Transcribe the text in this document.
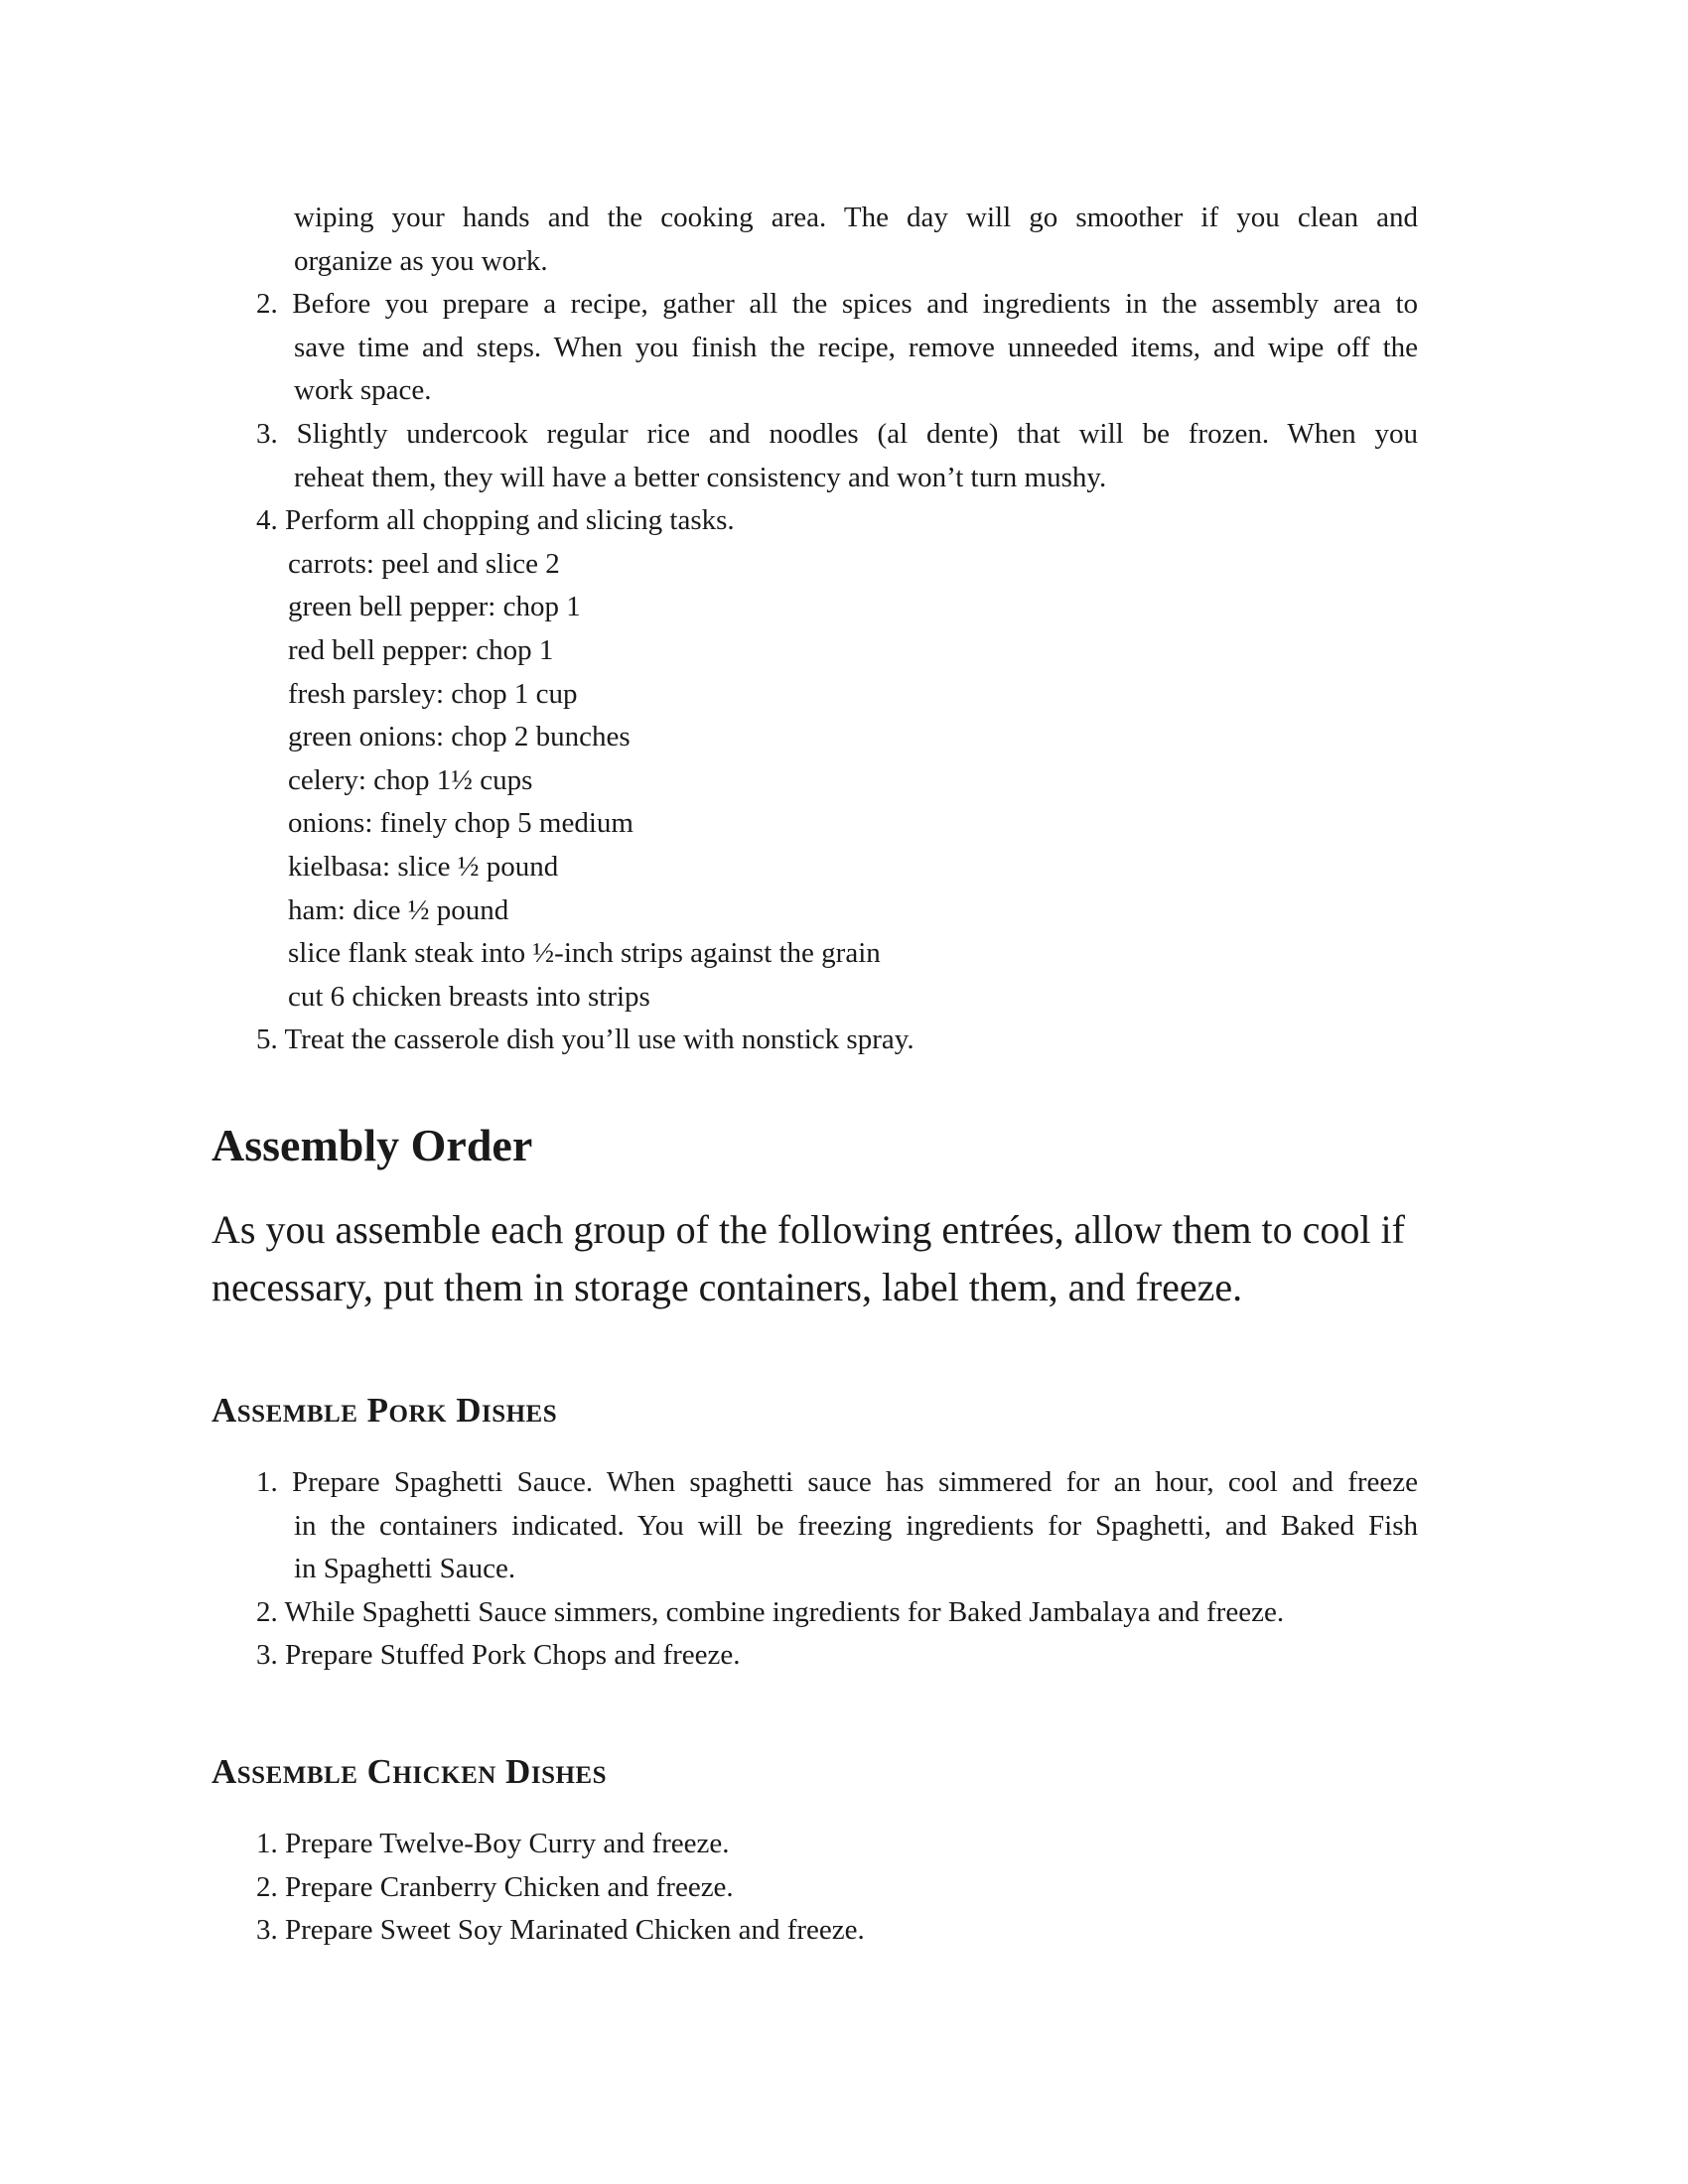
wiping your hands and the cooking area. The day will go smoother if you clean and
organize as you work.
2. Before you prepare a recipe, gather all the spices and ingredients in the assembly area to
save time and steps. When you finish the recipe, remove unneeded items, and wipe off the
work space.
3. Slightly undercook regular rice and noodles (al dente) that will be frozen. When you
reheat them, they will have a better consistency and won’t turn mushy.
4. Perform all chopping and slicing tasks.
carrots: peel and slice 2
green bell pepper: chop 1
red bell pepper: chop 1
fresh parsley: chop 1 cup
green onions: chop 2 bunches
celery: chop 1½ cups
onions: finely chop 5 medium
kielbasa: slice ½ pound
ham: dice ½ pound
slice flank steak into ½-inch strips against the grain
cut 6 chicken breasts into strips
5. Treat the casserole dish you’ll use with nonstick spray.
Assembly Order

As you assemble each group of the following entrées, allow them to cool if necessary, put them in storage containers, label them, and freeze.

Assemble Pork Dishes
1. Prepare Spaghetti Sauce. When spaghetti sauce has simmered for an hour, cool and freeze
in the containers indicated. You will be freezing ingredients for Spaghetti, and Baked Fish
in Spaghetti Sauce.
2. While Spaghetti Sauce simmers, combine ingredients for Baked Jambalaya and freeze.
3. Prepare Stuffed Pork Chops and freeze.
Assemble Chicken Dishes
1. Prepare Twelve-Boy Curry and freeze.
2. Prepare Cranberry Chicken and freeze.
3. Prepare Sweet Soy Marinated Chicken and freeze.
